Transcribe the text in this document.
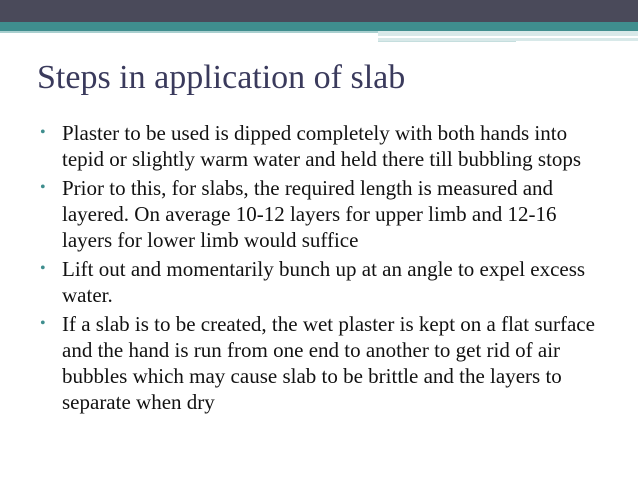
Steps in application of slab
• Plaster to be used is dipped completely with both hands into tepid or slightly warm water and held there till bubbling stops
• Prior to this, for slabs, the required length is measured and layered. On average 10-12 layers for upper limb and 12-16 layers for lower limb would suffice
• Lift out and momentarily bunch up at an angle to expel excess water.
• If a slab is to be created, the wet plaster is kept on a flat surface and the hand is run from one end to another to get rid of air bubbles which may cause slab to be brittle and the layers to separate when dry
